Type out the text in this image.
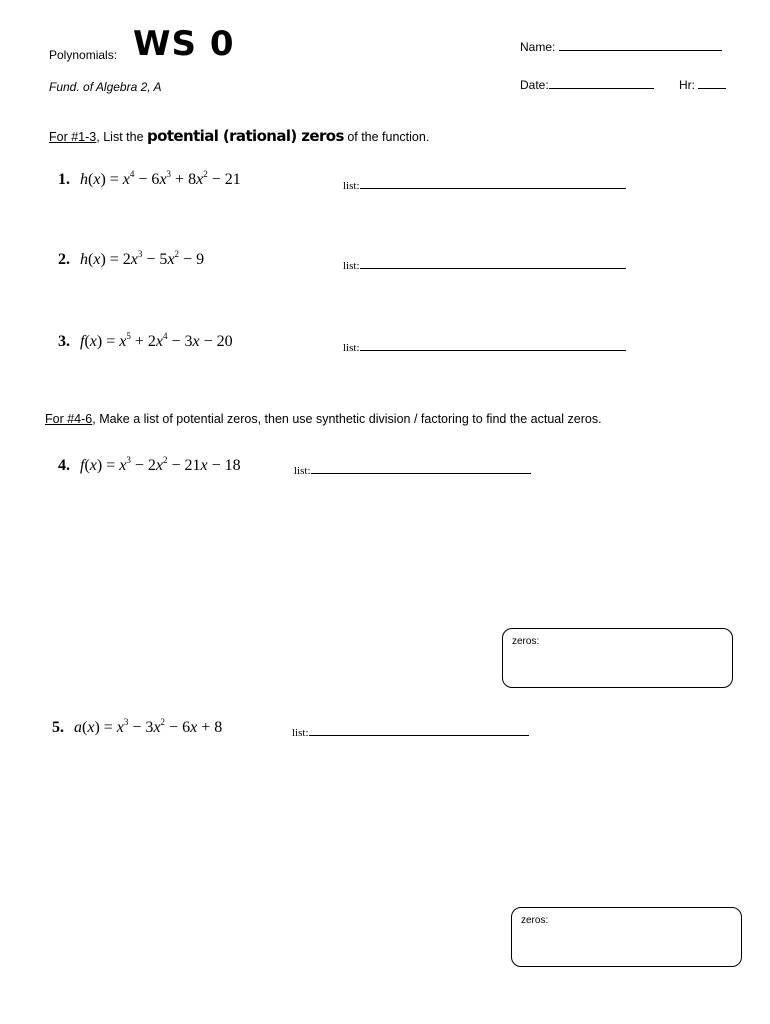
Polynomials: WS 0
Fund. of Algebra 2, A
Name:
Date:	Hr:
For #1-3, List the potential (rational) zeros of the function.
1. $h(x) = x^4 - 6x^3 + 8x^2 - 21$	list:
2. $h(x) = 2x^3 - 5x^2 - 9$	list:
3. $f(x) = x^5 + 2x^4 - 3x - 20$	list:
For #4-6, Make a list of potential zeros, then use synthetic division / factoring to find the actual zeros.
4. $f(x) = x^3 - 2x^2 - 21x - 18$	list:
zeros:
5. $a(x) = x^3 - 3x^2 - 6x + 8$	list:
zeros:
